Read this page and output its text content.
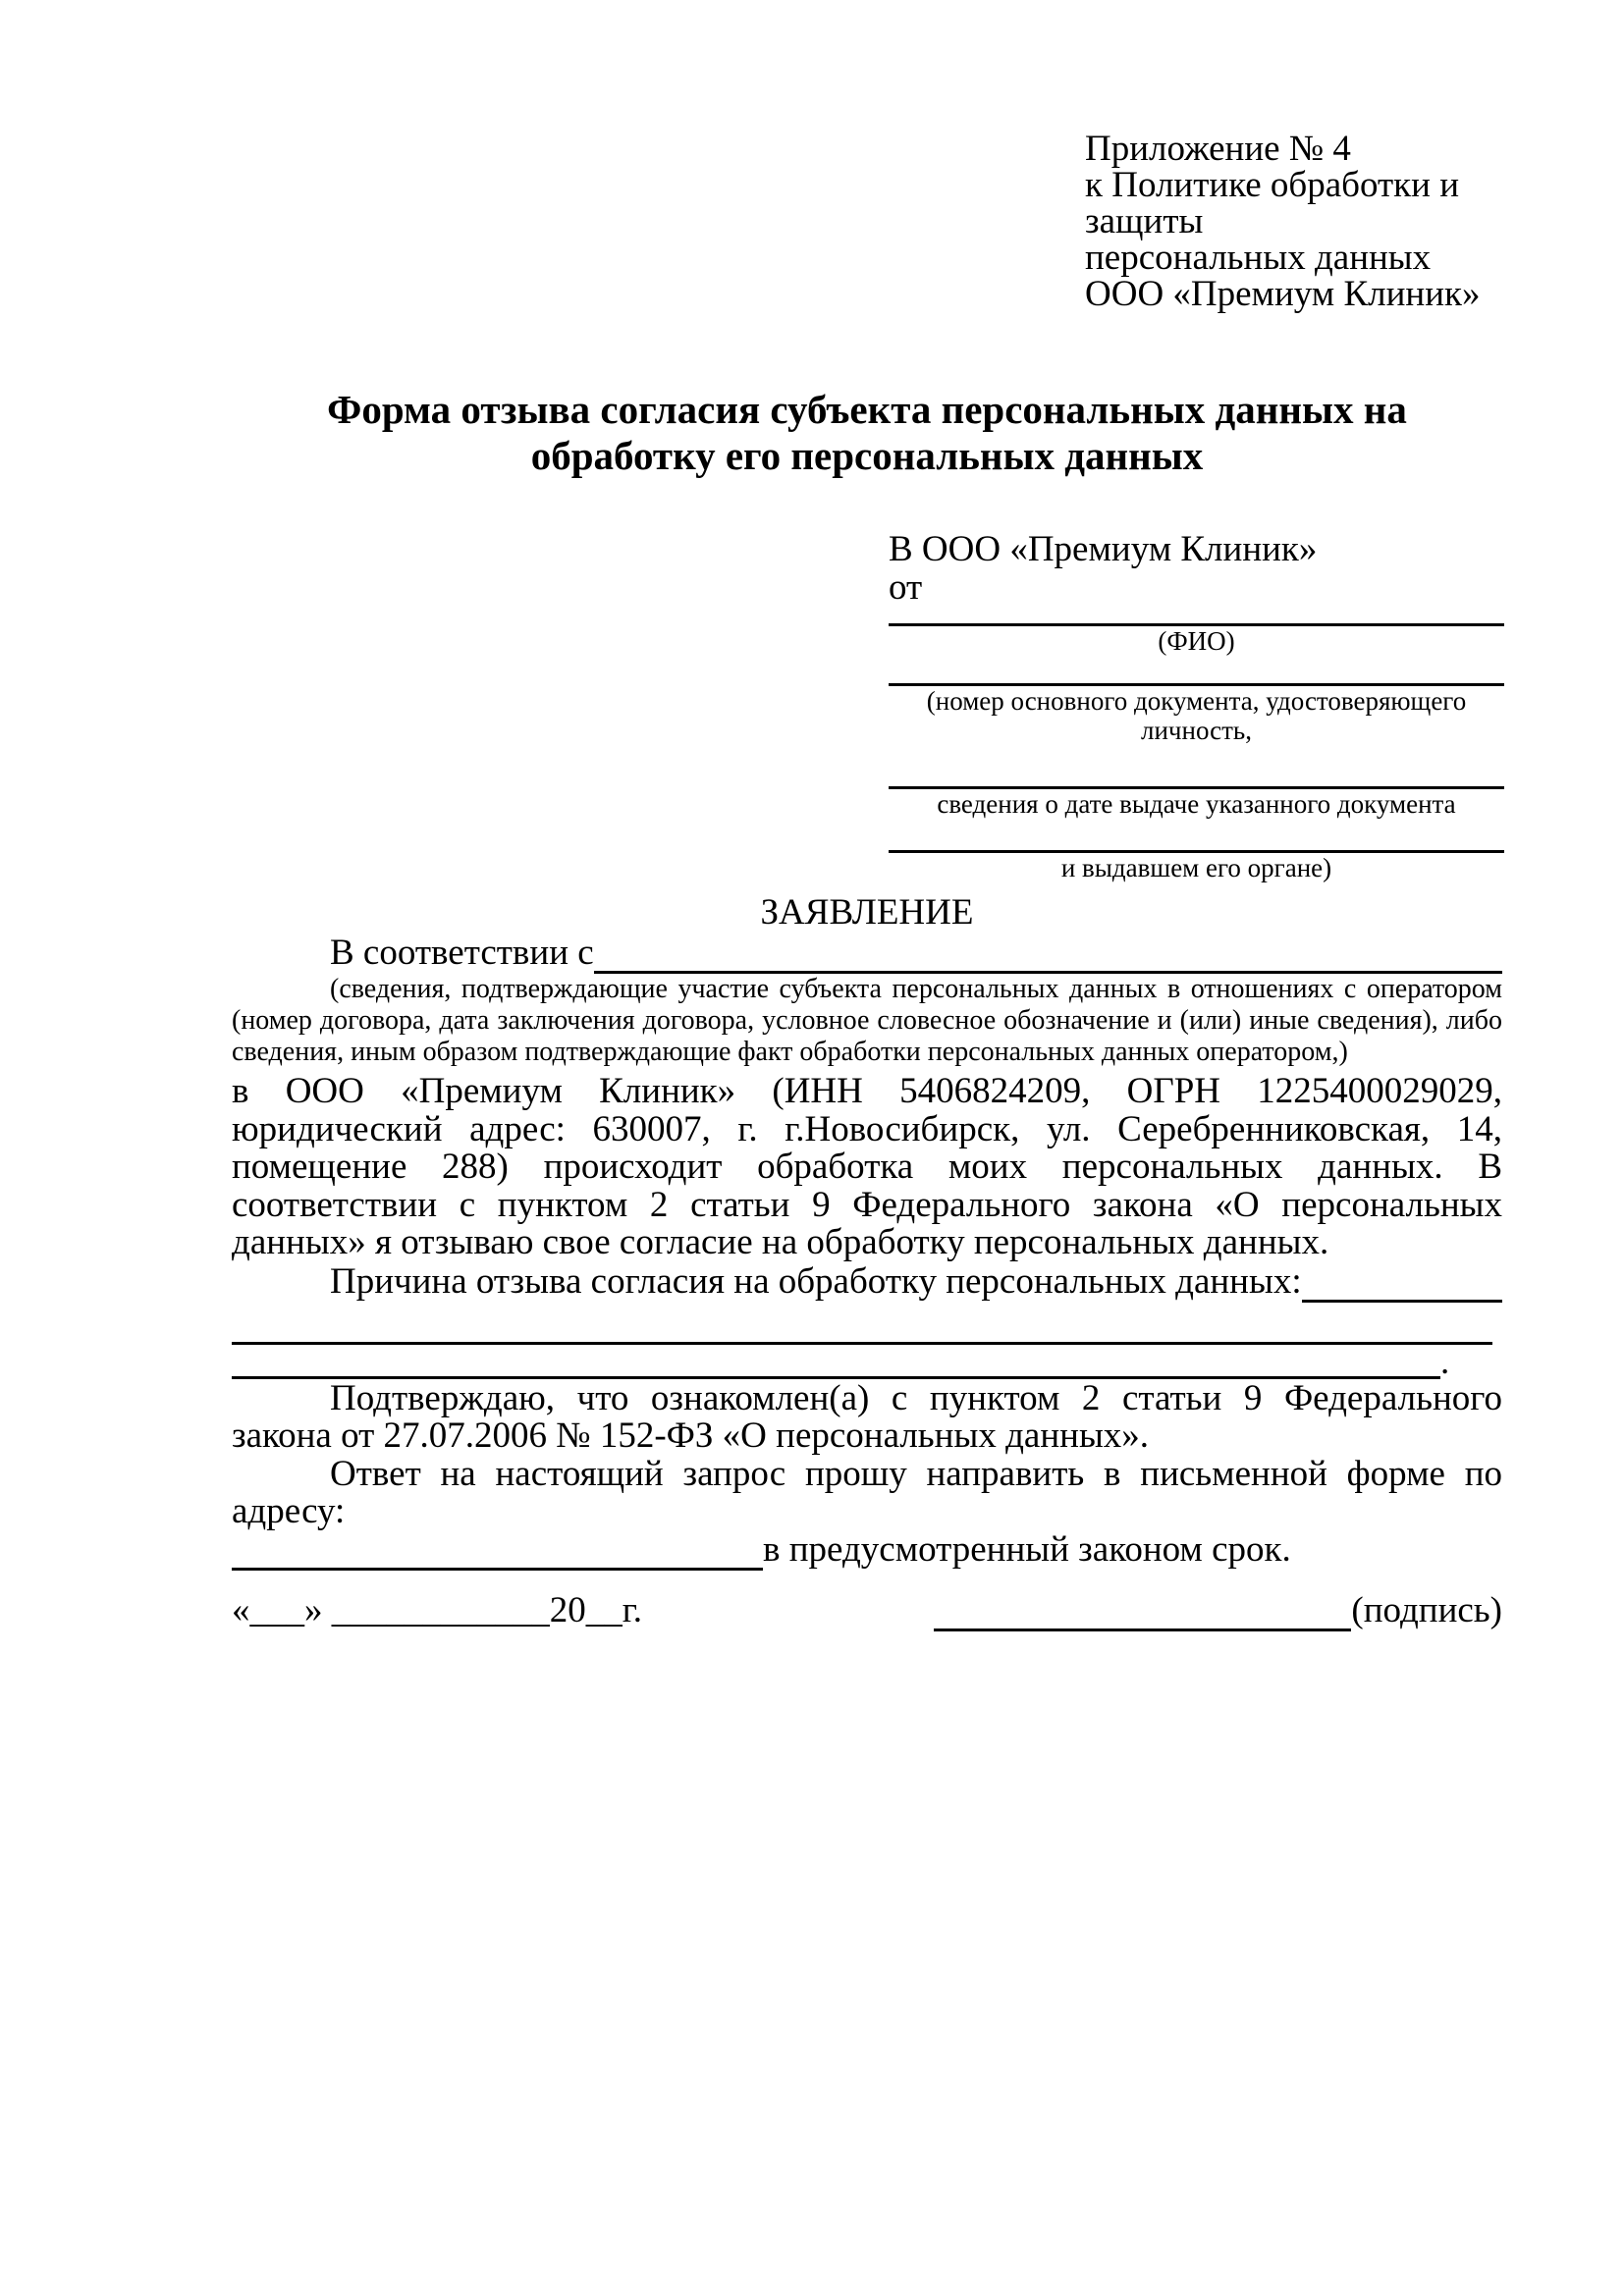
Приложение № 4
к Политике обработки и защиты
персональных данных
ООО «Премиум Клиник»
Форма отзыва согласия субъекта персональных данных на обработку его персональных данных
В ООО «Премиум Клиник»
от
(ФИО)
(номер основного документа, удостоверяющего личность,
сведения о дате выдаче указанного документа
и выдавшем его органе)
ЗАЯВЛЕНИЕ
В соответствии с
(сведения, подтверждающие участие субъекта персональных данных в отношениях с оператором (номер договора, дата заключения договора, условное словесное обозначение и (или) иные сведения), либо сведения, иным образом подтверждающие факт обработки персональных данных оператором,)
в ООО «Премиум Клиник» (ИНН 5406824209, ОГРН 1225400029029, юридический адрес: 630007, г. г.Новосибирск, ул. Серебренниковская, 14, помещение 288) происходит обработка моих персональных данных. В соответствии с пунктом 2 статьи 9 Федерального закона «О персональных данных» я отзываю свое согласие на обработку персональных данных.
Причина отзыва согласия на обработку персональных данных:
.
Подтверждаю, что ознакомлен(а) с пунктом 2 статьи 9 Федерального закона от 27.07.2006 № 152-ФЗ «О персональных данных».
Ответ на настоящий запрос прошу направить в письменной форме по адресу:
в предусмотренный законом срок.
«___» ____________20__г.	(подпись)
